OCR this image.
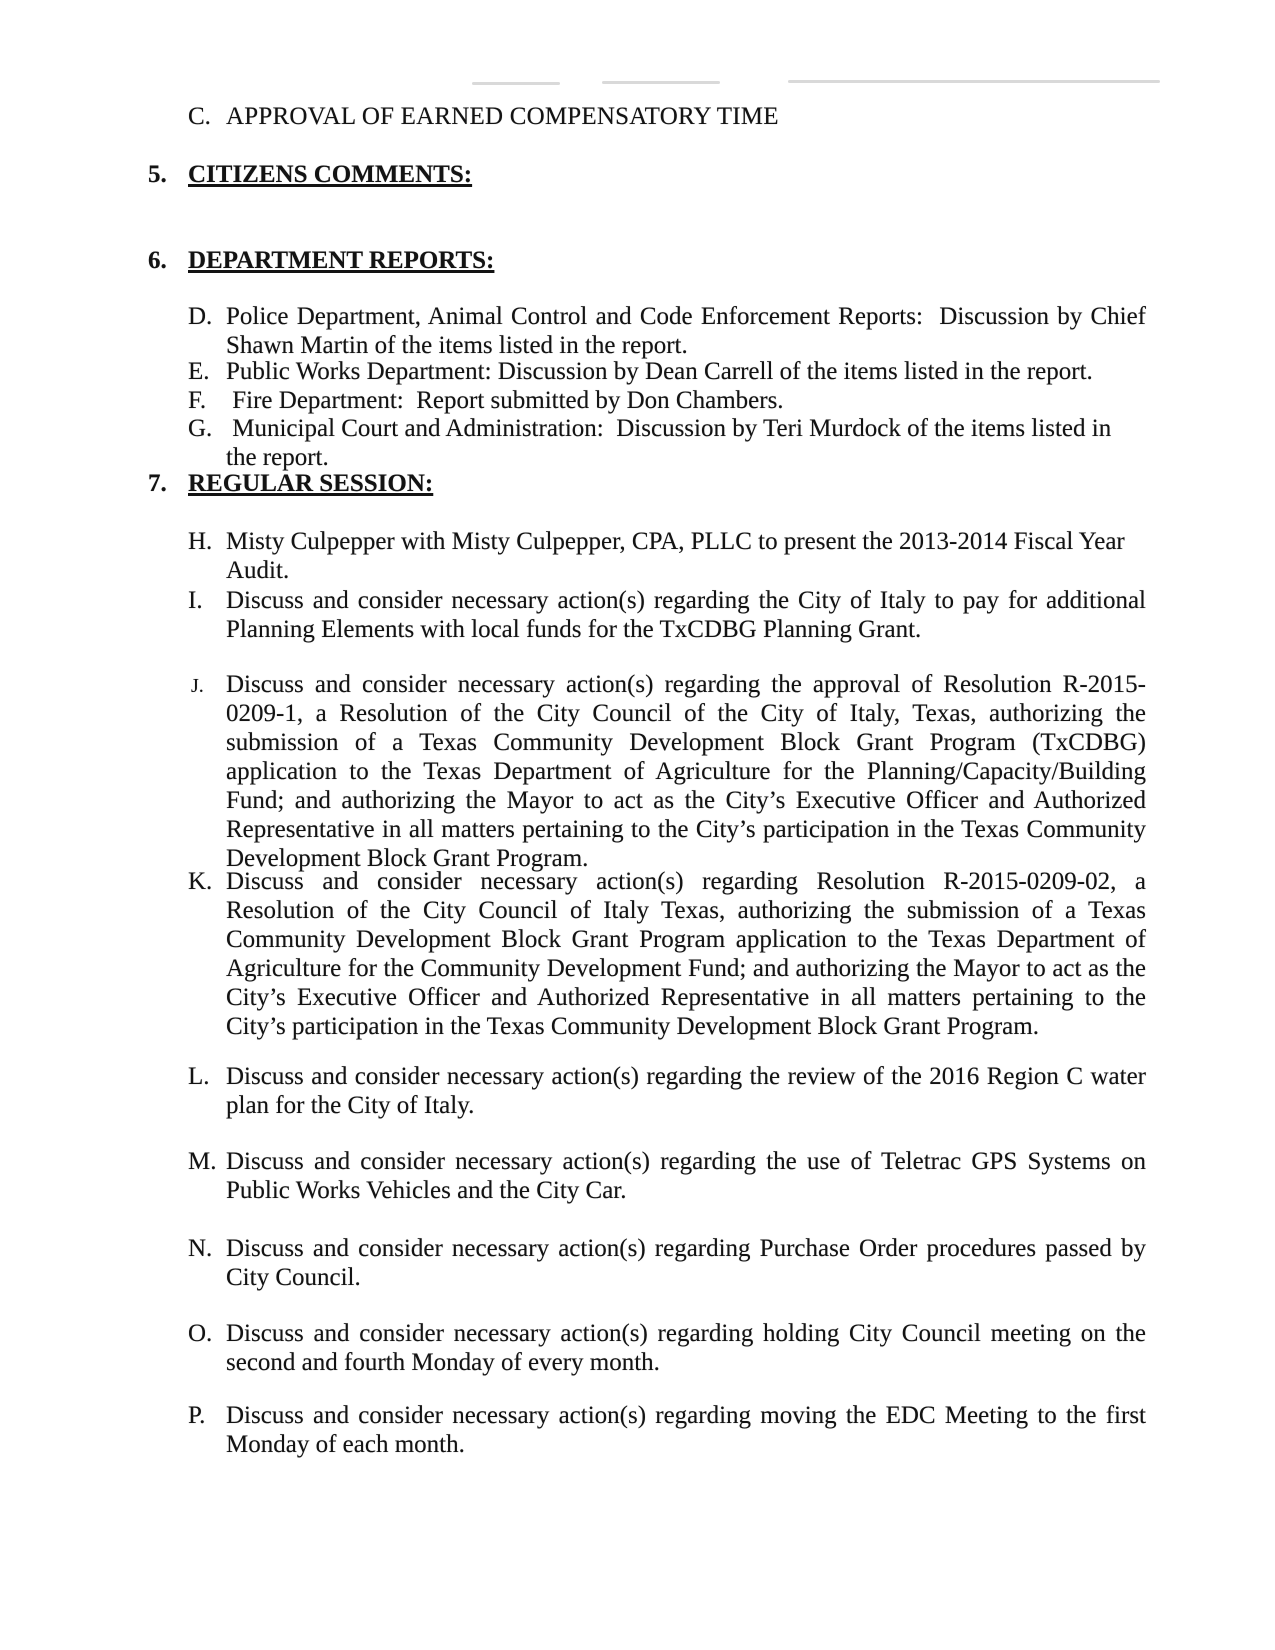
C. APPROVAL OF EARNED COMPENSATORY TIME
5. CITIZENS COMMENTS:
6. DEPARTMENT REPORTS:
D. Police Department, Animal Control and Code Enforcement Reports:  Discussion by Chief Shawn Martin of the items listed in the report.
E. Public Works Department: Discussion by Dean Carrell of the items listed in the report.
F. Fire Department:  Report submitted by Don Chambers.
G. Municipal Court and Administration:  Discussion by Teri Murdock of the items listed in the report.
7. REGULAR SESSION:
H. Misty Culpepper with Misty Culpepper, CPA, PLLC to present the 2013-2014 Fiscal Year Audit.
I. Discuss and consider necessary action(s) regarding the City of Italy to pay for additional Planning Elements with local funds for the TxCDBG Planning Grant.
J. Discuss and consider necessary action(s) regarding the approval of Resolution R-2015-0209-1, a Resolution of the City Council of the City of Italy, Texas, authorizing the submission of a Texas Community Development Block Grant Program (TxCDBG) application to the Texas Department of Agriculture for the Planning/Capacity/Building Fund; and authorizing the Mayor to act as the City’s Executive Officer and Authorized Representative in all matters pertaining to the City’s participation in the Texas Community Development Block Grant Program.
K. Discuss and consider necessary action(s) regarding Resolution R-2015-0209-02, a Resolution of the City Council of Italy Texas, authorizing the submission of a Texas Community Development Block Grant Program application to the Texas Department of Agriculture for the Community Development Fund; and authorizing the Mayor to act as the City’s Executive Officer and Authorized Representative in all matters pertaining to the City’s participation in the Texas Community Development Block Grant Program.
L. Discuss and consider necessary action(s) regarding the review of the 2016 Region C water plan for the City of Italy.
M. Discuss and consider necessary action(s) regarding the use of Teletrac GPS Systems on Public Works Vehicles and the City Car.
N. Discuss and consider necessary action(s) regarding Purchase Order procedures passed by City Council.
O. Discuss and consider necessary action(s) regarding holding City Council meeting on the second and fourth Monday of every month.
P. Discuss and consider necessary action(s) regarding moving the EDC Meeting to the first Monday of each month.
